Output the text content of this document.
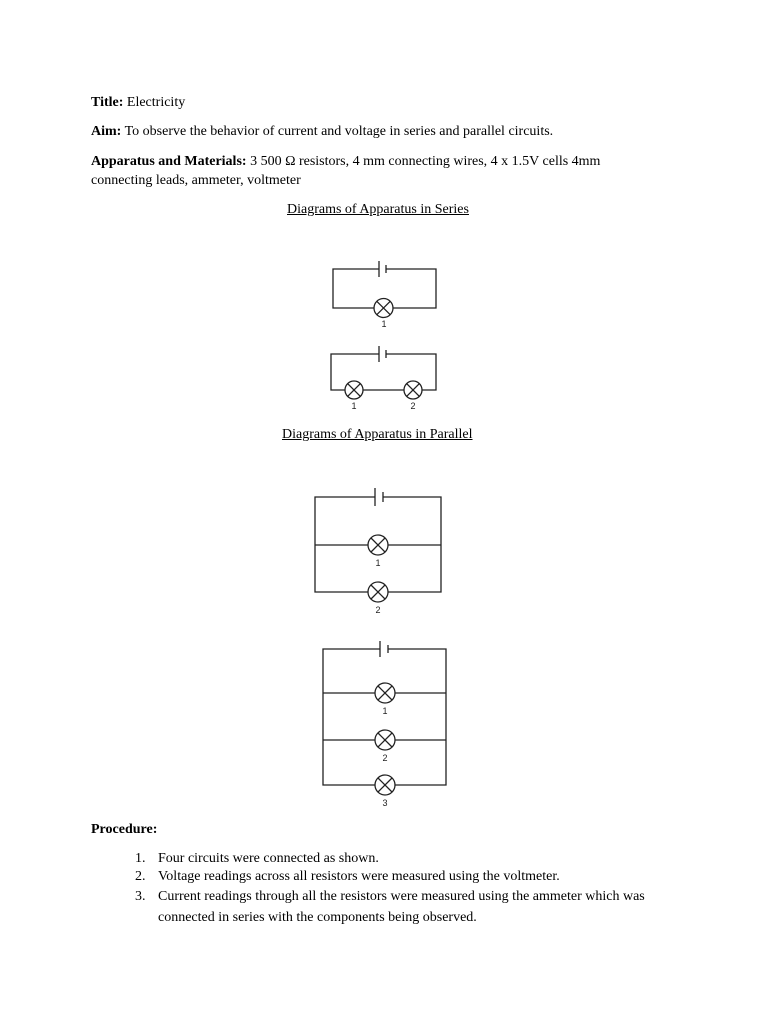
Title: Electricity
Aim: To observe the behavior of current and voltage in series and parallel circuits.
Apparatus and Materials: 3 500 Ω resistors, 4 mm connecting wires, 4 x 1.5V cells 4mm
connecting leads, ammeter, voltmeter
Diagrams of Apparatus in Series
1
1	2
Diagrams of Apparatus in Parallel
1
2
1
2
3
Procedure:
1. Four circuits were connected as shown.
2. Voltage readings across all resistors were measured using the voltmeter.
3. Current readings through all the resistors were measured using the ammeter which was connected in series with the components being observed.
